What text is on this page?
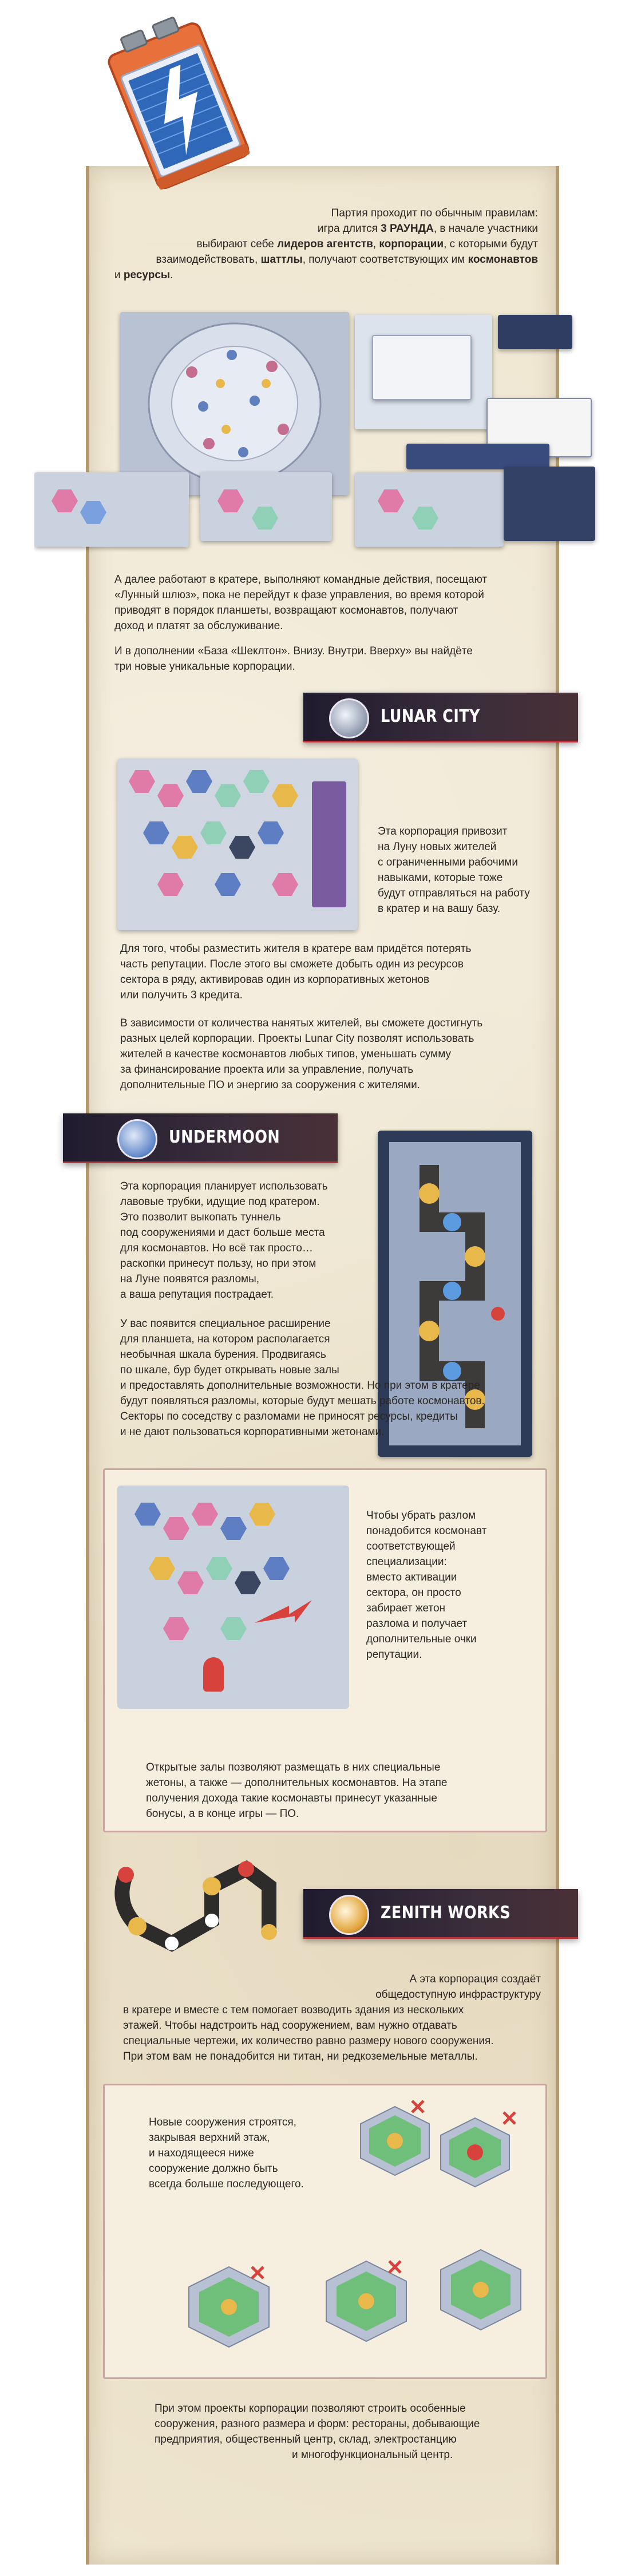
Партия проходит по обычным правилам:

игра длится 3 РАУНДА, в начале участники

выбирают себе лидеров агентств, корпорации, с которыми будут

взаимодействовать, шаттлы, получают соответствующих им космонавтов

и ресурсы.

А далее работают в кратере, выполняют командные действия, посещают

«Лунный шлюз», пока не перейдут к фазе управления, во время которой

приводят в порядок планшеты, возвращают космонавтов, получают

доход и платят за обслуживание.

И в дополнении «База «Шеклтон». Внизу. Внутри. Вверху» вы найдёте

три новые уникальные корпорации.

LUNAR CITY

Эта корпорация привозит

на Луну новых жителей

с ограниченными рабочими

навыками, которые тоже

будут отправляться на работу

в кратер и на вашу базу.

Для того, чтобы разместить жителя в кратере вам придётся потерять

часть репутации. После этого вы сможете добыть один из ресурсов

сектора в ряду, активировав один из корпоративных жетонов

или получить 3 кредита.

В зависимости от количества нанятых жителей, вы сможете достигнуть

разных целей корпорации. Проекты Lunar City позволят использовать

жителей в качестве космонавтов любых типов, уменьшать сумму

за финансирование проекта или за управление, получать

дополнительные ПО и энергию за сооружения с жителями.

UNDERMOON

Эта корпорация планирует использовать

лавовые трубки, идущие под кратером.

Это позволит выкопать туннель

под сооружениями и даст больше места

для космонавтов. Но всё так просто…

раскопки принесут пользу, но при этом

на Луне появятся разломы,

а ваша репутация пострадает.

У вас появится специальное расширение

для планшета, на котором располагается

необычная шкала бурения. Продвигаясь

по шкале, бур будет открывать новые залы

и предоставлять дополнительные возможности. Но при этом в кратере

будут появляться разломы, которые будут мешать работе космонавтов.

Секторы по соседству с разломами не приносят ресурсы, кредиты

и не дают пользоваться корпоративными жетонами.

Чтобы убрать разлом

понадобится космонавт

соответствующей

специализации:

вместо активации

сектора, он просто

забирает жетон

разлома и получает

дополнительные очки

репутации.

Открытые залы позволяют размещать в них специальные

жетоны, а также — дополнительных космонавтов. На этапе

получения дохода такие космонавты принесут указанные

бонусы, а в конце игры — ПО.

ZENITH WORKS

А эта корпорация создаёт

общедоступную инфраструктуру

в кратере и вместе с тем помогает возводить здания из нескольких

этажей. Чтобы надстроить над сооружением, вам нужно отдавать

специальные чертежи, их количество равно размеру нового сооружения.

При этом вам не понадобится ни титан, ни редкоземельные металлы.

Новые сооружения строятся,

закрывая верхний этаж,

и находящееся ниже

сооружение должно быть

всегда больше последующего.

При этом проекты корпорации позволяют строить особенные

сооружения, разного размера и форм: рестораны, добывающие

предприятия, общественный центр, склад, электростанцию

и многофункциональный центр.
